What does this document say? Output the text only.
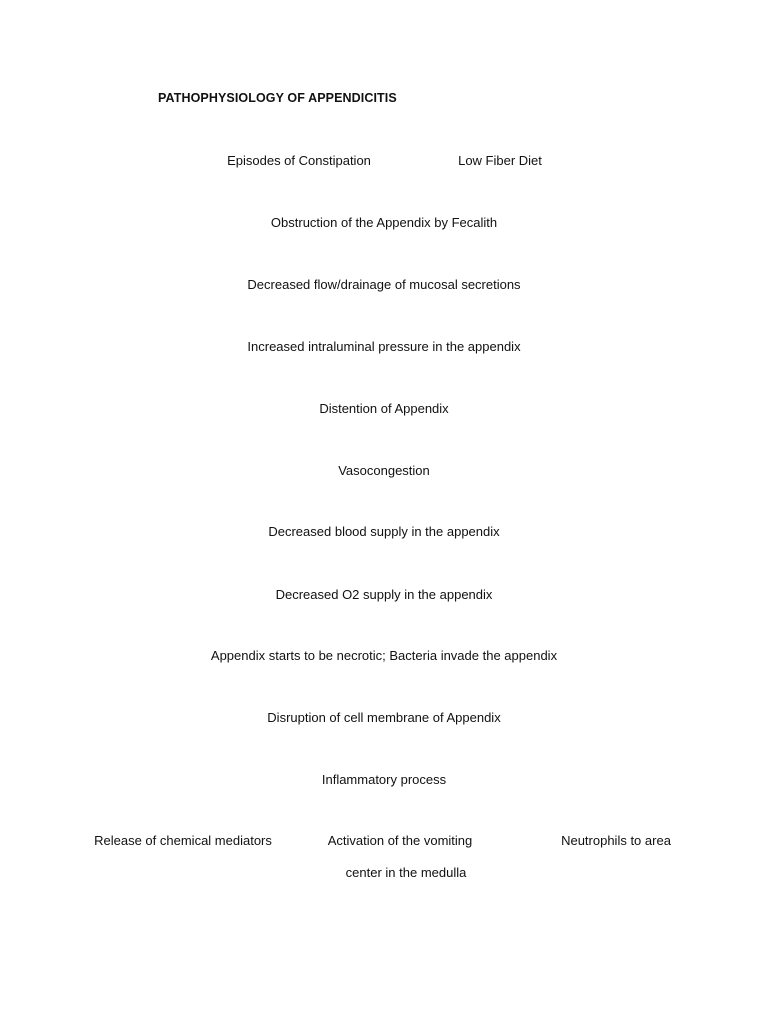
PATHOPHYSIOLOGY OF APPENDICITIS
Episodes of Constipation	Low Fiber Diet
Obstruction of the Appendix by Fecalith
Decreased flow/drainage of mucosal secretions
Increased intraluminal pressure in the appendix
Distention of Appendix
Vasocongestion
Decreased blood supply in the appendix
Decreased O2 supply in the appendix
Appendix starts to be necrotic; Bacteria invade the appendix
Disruption of cell membrane of Appendix
Inflammatory process
Release of chemical mediators	Activation of the vomiting
center in the medulla
Neutrophils to area
